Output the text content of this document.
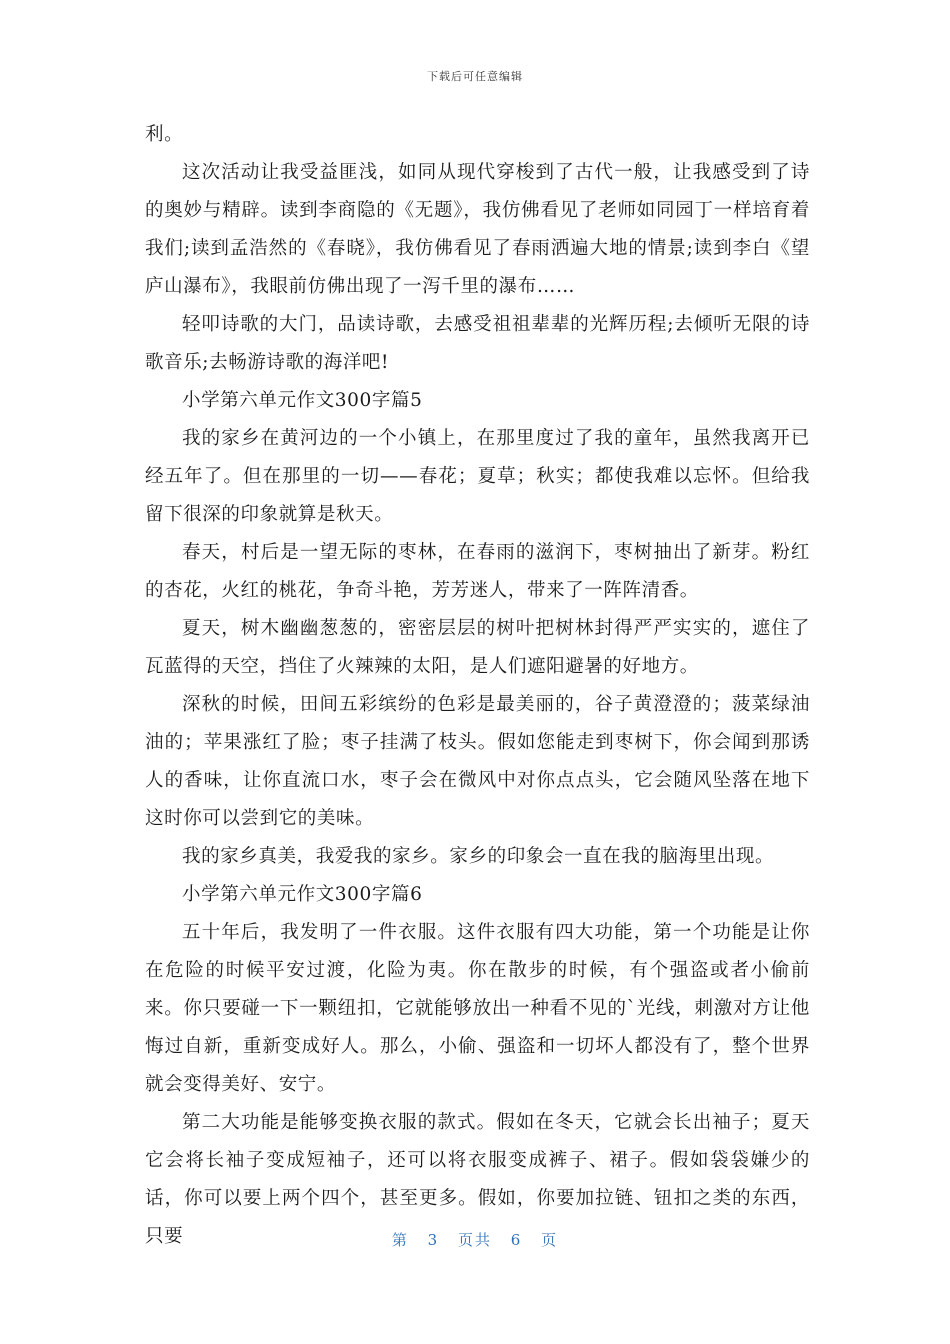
下载后可任意编辑

利。

这次活动让我受益匪浅，如同从现代穿梭到了古代一般，让我感受到了诗的奥妙与精辟。读到李商隐的《无题》，我仿佛看见了老师如同园丁一样培育着我们;读到孟浩然的《春晓》，我仿佛看见了春雨洒遍大地的情景;读到李白《望庐山瀑布》，我眼前仿佛出现了一泻千里的瀑布……

轻叩诗歌的大门，品读诗歌，去感受祖祖辈辈的光辉历程;去倾听无限的诗歌音乐;去畅游诗歌的海洋吧!

小学第六单元作文300字篇5

我的家乡在黄河边的一个小镇上，在那里度过了我的童年，虽然我离开已经五年了。但在那里的一切——春花；夏草；秋实；都使我难以忘怀。但给我留下很深的印象就算是秋天。

春天，村后是一望无际的枣林，在春雨的滋润下，枣树抽出了新芽。粉红的杏花，火红的桃花，争奇斗艳，芳芳迷人，带来了一阵阵清香。

夏天，树木幽幽葱葱的，密密层层的树叶把树林封得严严实实的，遮住了瓦蓝得的天空，挡住了火辣辣的太阳，是人们遮阳避暑的好地方。

深秋的时候，田间五彩缤纷的色彩是最美丽的，谷子黄澄澄的；菠菜绿油油的；苹果涨红了脸；枣子挂满了枝头。假如您能走到枣树下，你会闻到那诱人的香味，让你直流口水，枣子会在微风中对你点点头，它会随风坠落在地下这时你可以尝到它的美味。

我的家乡真美，我爱我的家乡。家乡的印象会一直在我的脑海里出现。

小学第六单元作文300字篇6

五十年后，我发明了一件衣服。这件衣服有四大功能，第一个功能是让你在危险的时候平安过渡，化险为夷。你在散步的时候，有个强盗或者小偷前来。你只要碰一下一颗纽扣，它就能够放出一种看不见的`光线，刺激对方让他悔过自新，重新变成好人。那么，小偷、强盗和一切坏人都没有了，整个世界就会变得美好、安宁。

第二大功能是能够变换衣服的款式。假如在冬天，它就会长出袖子；夏天它会将长袖子变成短袖子，还可以将衣服变成裤子、裙子。假如袋袋嫌少的话，你可以要上两个四个，甚至更多。假如，你要加拉链、钮扣之类的东西，只要	第 3 页共 6 页
